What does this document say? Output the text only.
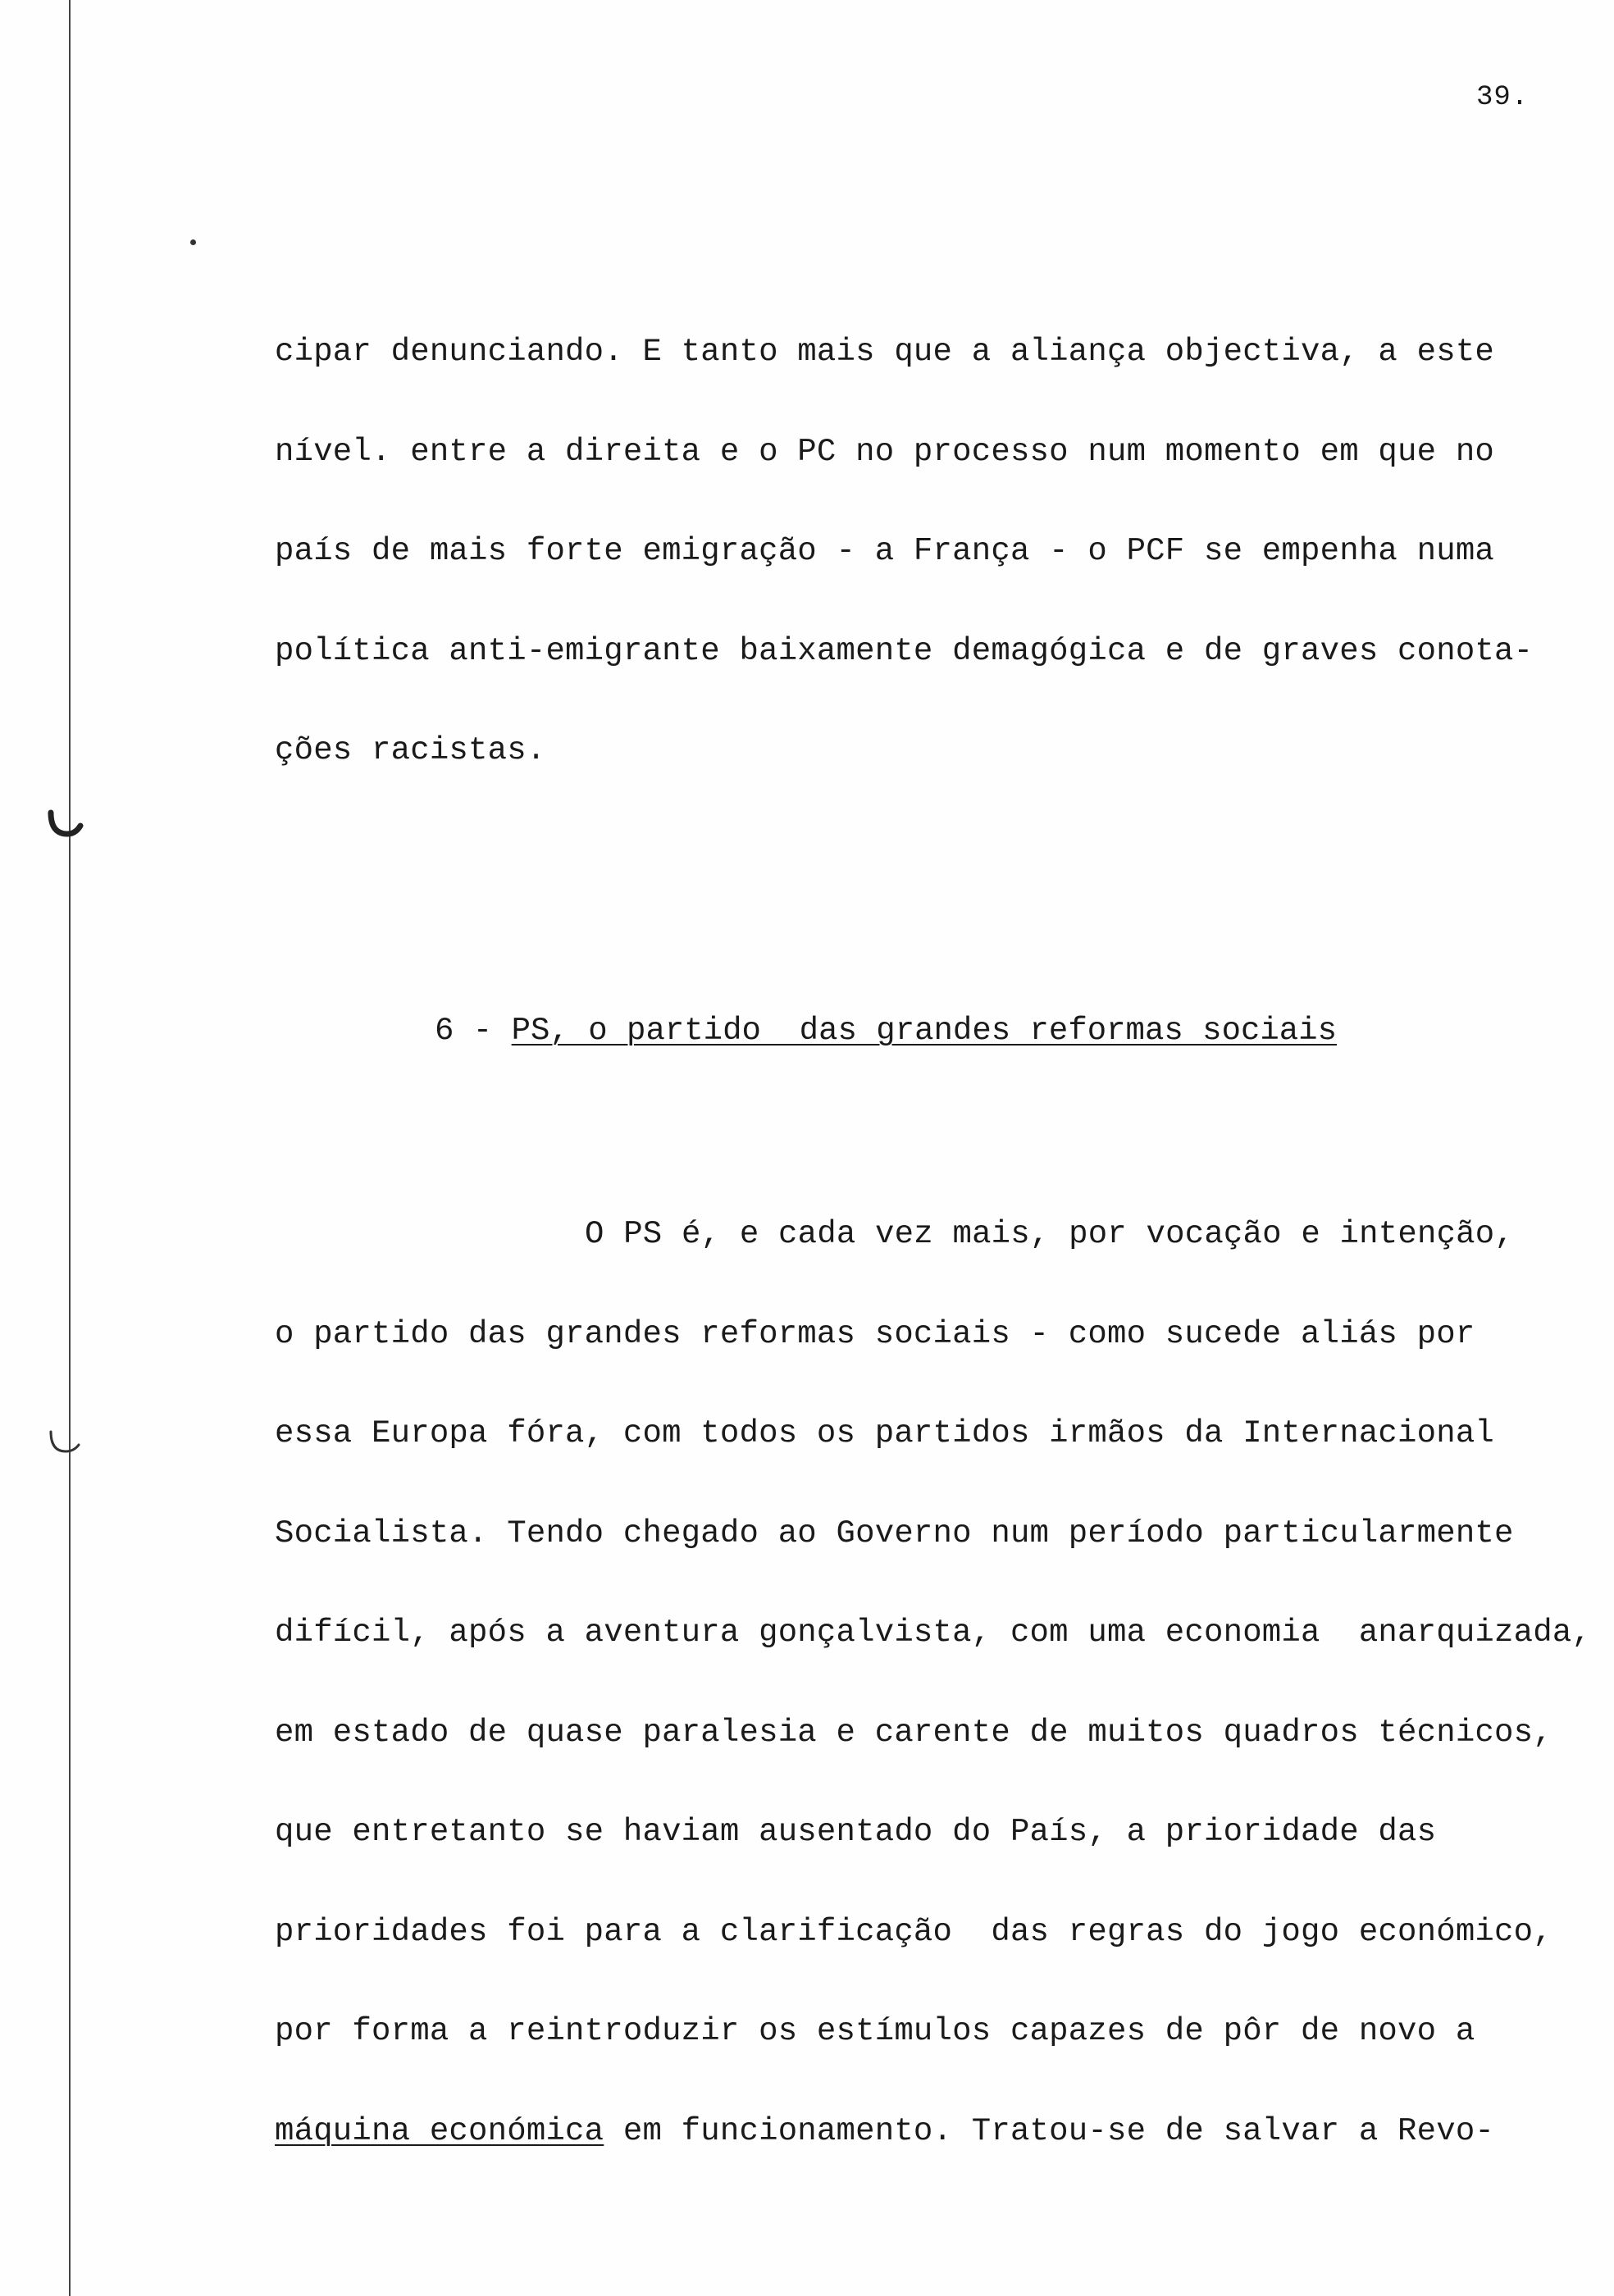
39.
cipar denunciando. E tanto mais que a aliança objectiva, a este
nível. entre a direita e o PC no processo num momento em que no
país de mais forte emigração - a França - o PCF se empenha numa
política anti-emigrante baixamente demagógica e de graves conota-
ções racistas.
6 - PS, o partido  das grandes reformas sociais
O PS é, e cada vez mais, por vocação e intenção,
o partido das grandes reformas sociais - como sucede aliás por
essa Europa fóra, com todos os partidos irmãos da Internacional
Socialista. Tendo chegado ao Governo num período particularmente
difícil, após a aventura gonçalvista, com uma economia  anarquizada,
em estado de quase paralesia e carente de muitos quadros técnicos,
que entretanto se haviam ausentado do País, a prioridade das
prioridades foi para a clarificação  das regras do jogo económico,
por forma a reintroduzir os estímulos capazes de pôr de novo a
máquina económica em funcionamento. Tratou-se de salvar a Revo-
